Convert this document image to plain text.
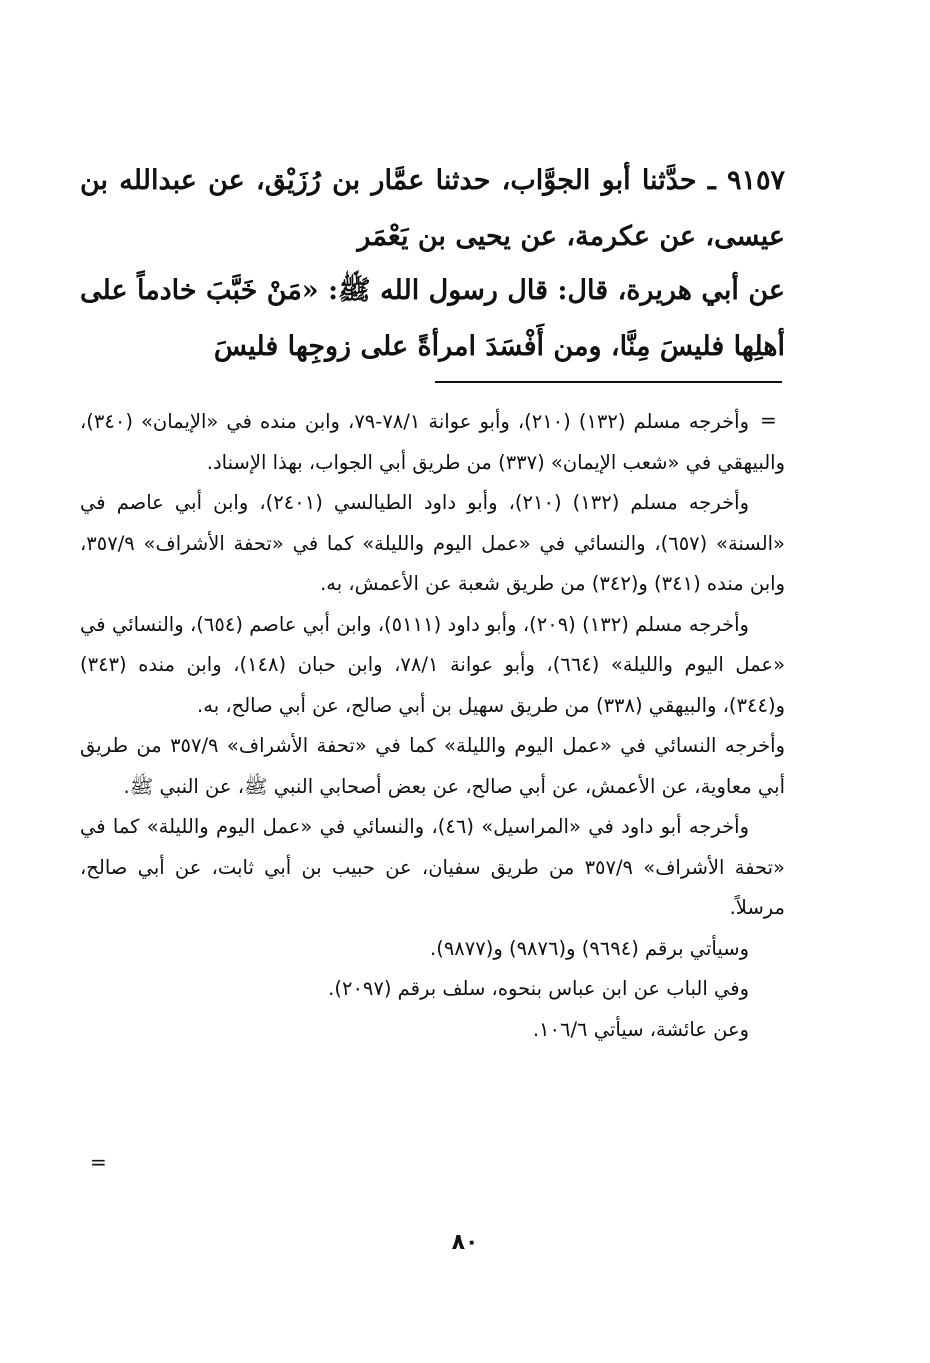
٩١٥٧ ـ حدَّثنا أبو الجوَّاب، حدثنا عمَّار بن رُزَيْق، عن عبدالله بن عيسى، عن عكرمة، عن يحيى بن يَعْمَر

عن أبي هريرة، قال: قال رسول الله ﷺ: «مَنْ خَبَّبَ خادماً على أهلِها فليسَ مِنَّا، ومن أَفْسَدَ امرأةً على زوجِها فليسَ

=

وأخرجه مسلم (١٣٢) (٢١٠)، وأبو عوانة ٧٨/١-٧٩، وابن منده في «الإيمان» (٣٤٠)، والبيهقي في «شعب الإيمان» (٣٣٧) من طريق أبي الجواب، بهذا الإسناد.

وأخرجه مسلم (١٣٢) (٢١٠)، وأبو داود الطيالسي (٢٤٠١)، وابن أبي عاصم في «السنة» (٦٥٧)، والنسائي في «عمل اليوم والليلة» كما في «تحفة الأشراف» ٣٥٧/٩، وابن منده (٣٤١) و(٣٤٢) من طريق شعبة عن الأعمش، به.

وأخرجه مسلم (١٣٢) (٢٠٩)، وأبو داود (٥١١١)، وابن أبي عاصم (٦٥٤)، والنسائي في «عمل اليوم والليلة» (٦٦٤)، وأبو عوانة ٧٨/١، وابن حبان (١٤٨)، وابن منده (٣٤٣) و(٣٤٤)، والبيهقي (٣٣٨) من طريق سهيل بن أبي صالح، عن أبي صالح، به.

وأخرجه النسائي في «عمل اليوم والليلة» كما في «تحفة الأشراف» ٣٥٧/٩ من طريق أبي معاوية، عن الأعمش، عن أبي صالح، عن بعض أصحابي النبي ﷺ، عن النبي ﷺ.

وأخرجه أبو داود في «المراسيل» (٤٦)، والنسائي في «عمل اليوم والليلة» كما في «تحفة الأشراف» ٣٥٧/٩ من طريق سفيان، عن حبيب بن أبي ثابت، عن أبي صالح، مرسلاً.

وسيأتي برقم (٩٦٩٤) و(٩٨٧٦) و(٩٨٧٧).

وفي الباب عن ابن عباس بنحوه، سلف برقم (٢٠٩٧).

وعن عائشة، سيأتي ١٠٦/٦.

=
٨٠
